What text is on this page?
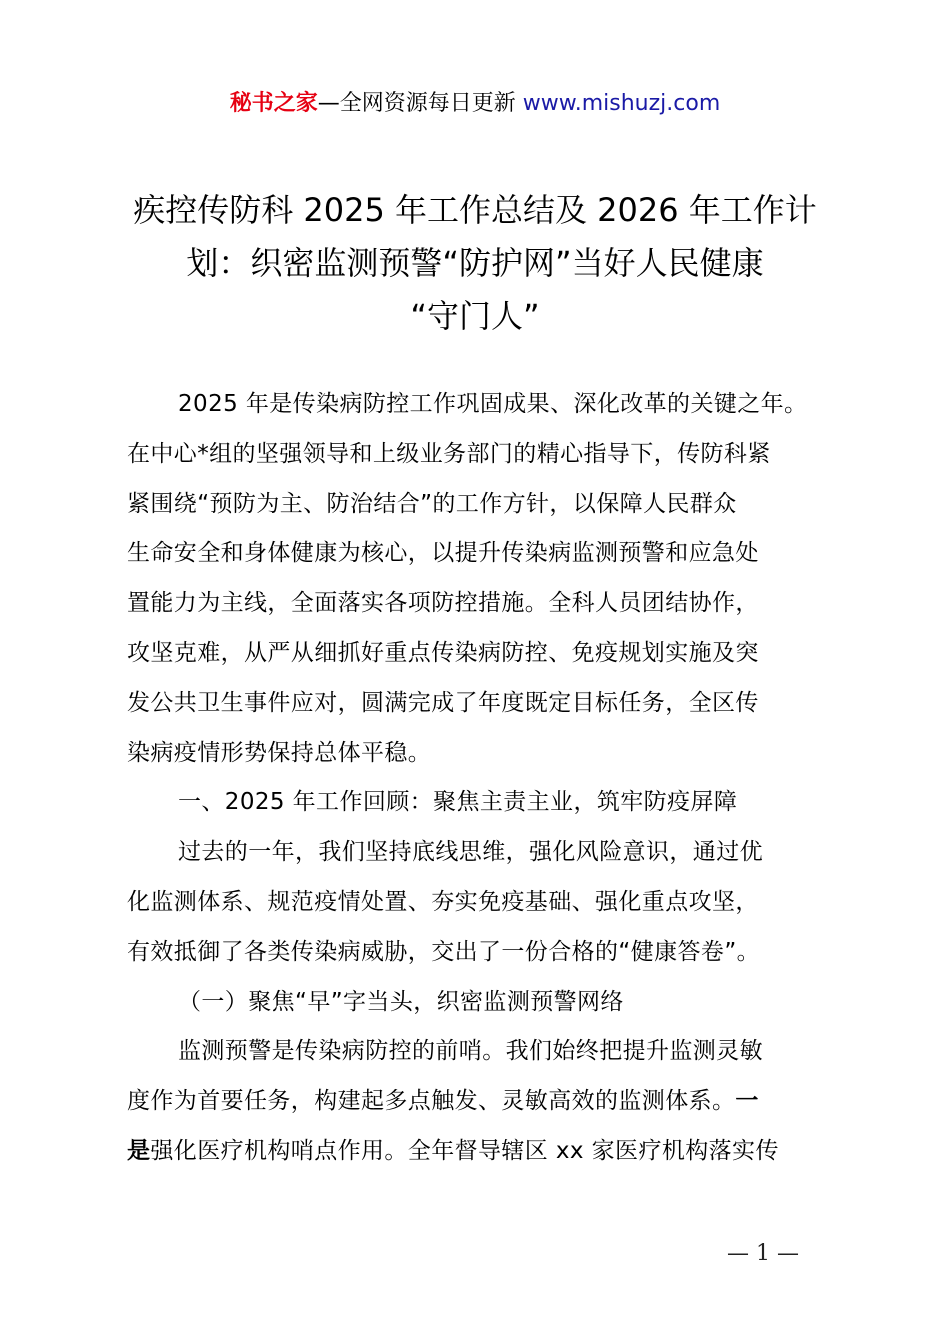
秘书之家—全网资源每日更新 www.mishuzj.com
疾控传防科 2025 年工作总结及 2026 年工作计
划：织密监测预警“防护网”当好人民健康
“守门人”
2025 年是传染病防控工作巩固成果、深化改革的关键之年。
在中心*组的坚强领导和上级业务部门的精心指导下，传防科紧
紧围绕“预防为主、防治结合”的工作方针，以保障人民群众
生命安全和身体健康为核心，以提升传染病监测预警和应急处
置能力为主线，全面落实各项防控措施。全科人员团结协作，
攻坚克难，从严从细抓好重点传染病防控、免疫规划实施及突
发公共卫生事件应对，圆满完成了年度既定目标任务，全区传
染病疫情形势保持总体平稳。
一、2025 年工作回顾：聚焦主责主业，筑牢防疫屏障
过去的一年，我们坚持底线思维，强化风险意识，通过优
化监测体系、规范疫情处置、夯实免疫基础、强化重点攻坚，
有效抵御了各类传染病威胁，交出了一份合格的“健康答卷”。
（一）聚焦“早”字当头，织密监测预警网络
监测预警是传染病防控的前哨。我们始终把提升监测灵敏
度作为首要任务，构建起多点触发、灵敏高效的监测体系。一
是强化医疗机构哨点作用。全年督导辖区 xx 家医疗机构落实传
— 1 —
